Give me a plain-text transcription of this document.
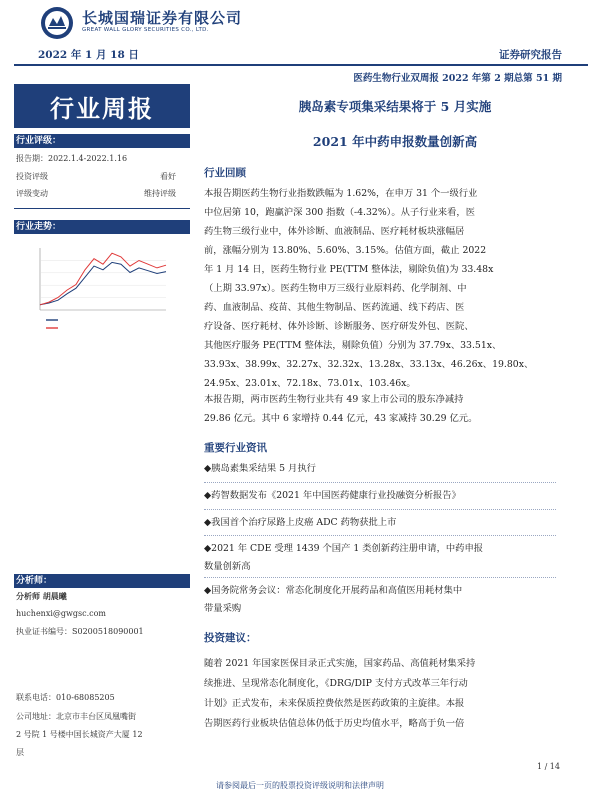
长城国瑞证券有限公司
GREAT WALL GLORY SECURITIES CO., LTD.
2022 年 1 月 18 日	证券研究报告
医药生物行业双周报 2022 年第 2 期总第 51 期
行业周报
行业评级：
报告期：2022.1.4-2022.1.16
投资评级	看好
评级变动	维持评级
行业走势：
分析师：
分析师 胡晨曦
huchenxi@gwgsc.com
执业证书编号：S0200518090001
联系电话：010-68085205
公司地址：北京市丰台区凤凰嘴街
2 号院 1 号楼中国长城资产大厦 12
层
胰岛素专项集采结果将于 5 月实施
2021 年中药申报数量创新高
行业回顾
本报告期医药生物行业指数跌幅为 1.62%，在申万 31 个一级行业
中位居第 10，跑赢沪深 300 指数（-4.32%）。从子行业来看，医
药生物三级行业中，体外诊断、血液制品、医疗耗材板块涨幅居
前，涨幅分别为 13.80%、5.60%、3.15%。估值方面，截止 2022
年 1 月 14 日，医药生物行业 PE(TTM 整体法，剔除负值)为 33.48x
（上期 33.97x）。医药生物申万三级行业原料药、化学制剂、中
药、血液制品、疫苗、其他生物制品、医药流通、线下药店、医
疗设备、医疗耗材、体外诊断、诊断服务、医疗研发外包、医院、
其他医疗服务 PE(TTM 整体法，剔除负值）分别为 37.79x、33.51x、
33.93x、38.99x、32.27x、32.32x、13.28x、33.13x、46.26x、19.80x、
24.95x、23.01x、72.18x、73.01x、103.46x。
本报告期，两市医药生物行业共有 49 家上市公司的股东净减持
29.86 亿元。其中 6 家增持 0.44 亿元，43 家减持 30.29 亿元。
重要行业资讯
◆胰岛素集采结果 5 月执行
◆药智数据发布《2021 年中国医药健康行业投融资分析报告》
◆我国首个治疗尿路上皮癌 ADC 药物获批上市
◆2021 年 CDE 受理 1439 个国产 1 类创新药注册申请，中药申报
数量创新高
◆国务院常务会议：常态化制度化开展药品和高值医用耗材集中
带量采购
投资建议：
随着 2021 年国家医保目录正式实施，国家药品、高值耗材集采持
续推进、呈现常态化制度化，《DRG/DIP 支付方式改革三年行动
计划》正式发布，未来保质控费依然是医药政策的主旋律。本报
告期医药行业板块估值总体仍低于历史均值水平，略高于负一倍
1 / 14
请参阅最后一页的股票投资评级说明和法律声明
